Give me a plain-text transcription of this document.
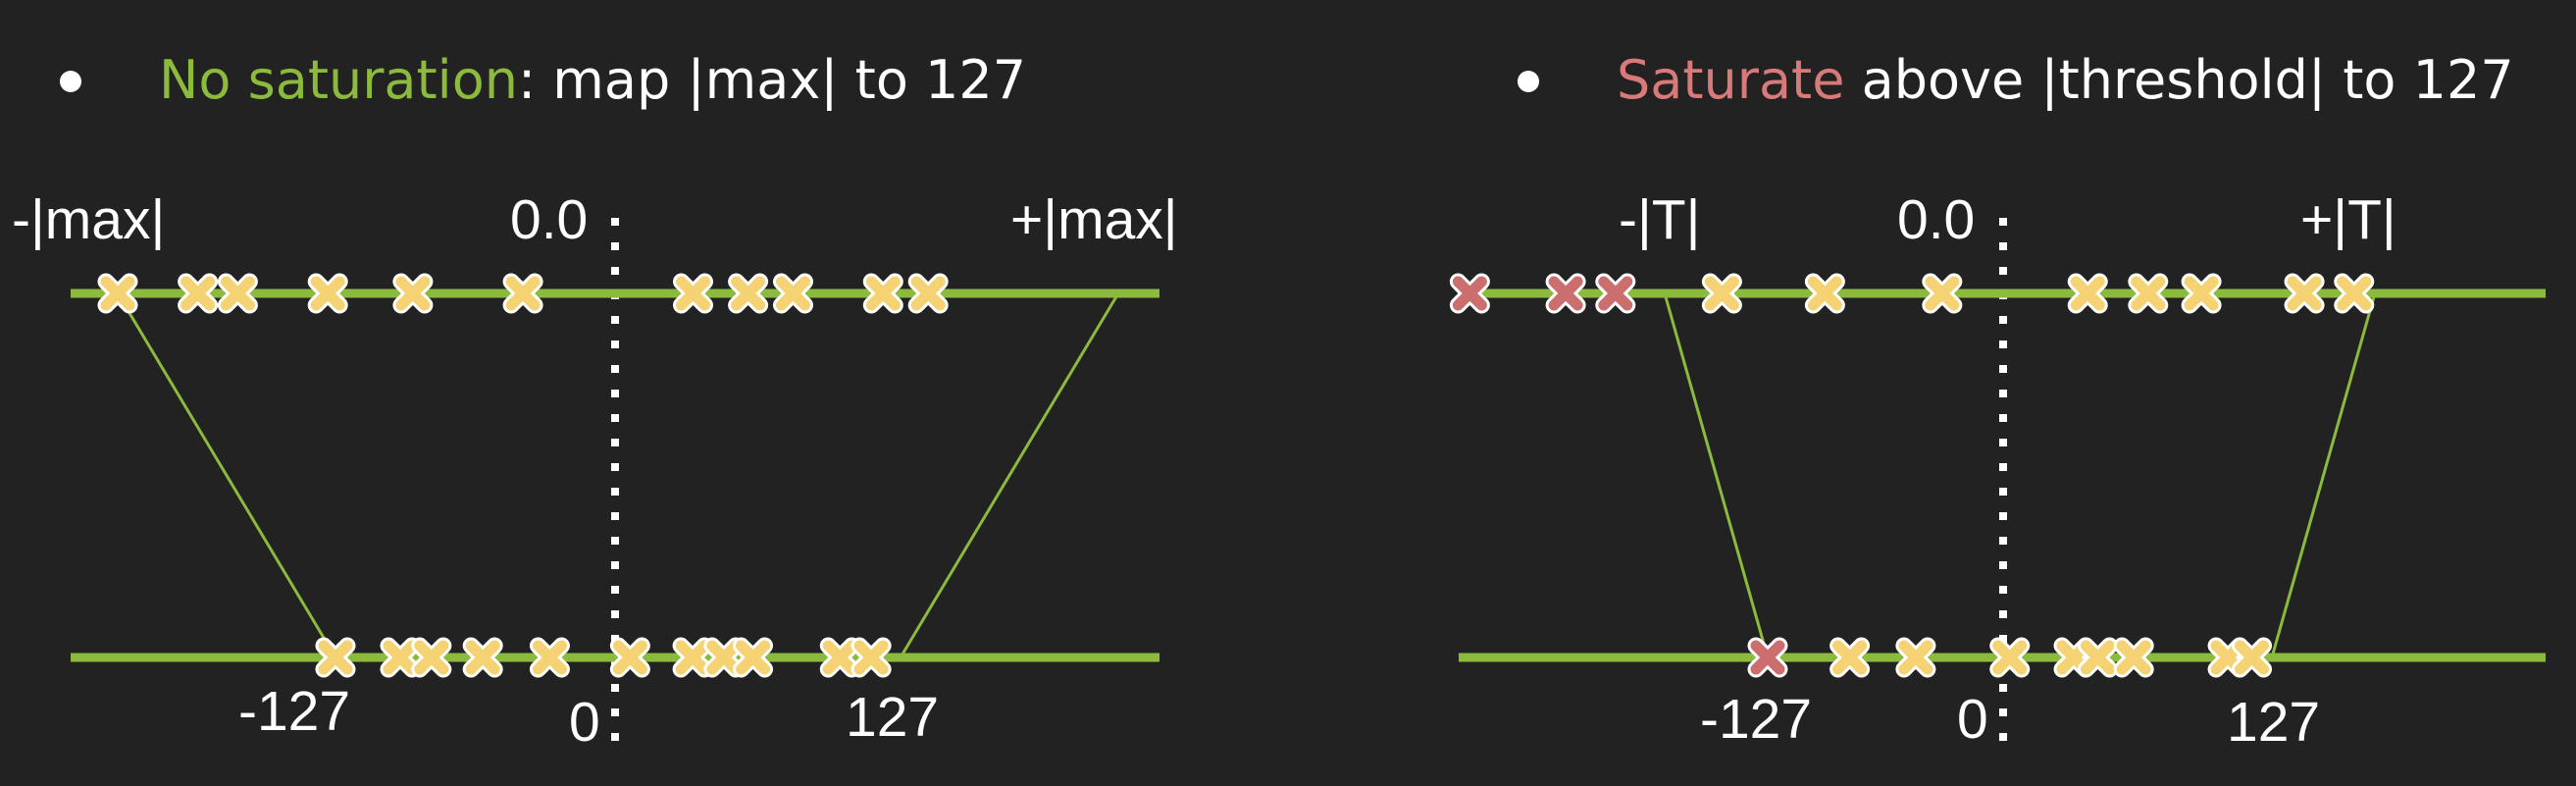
No saturation: map |max| to 127
-|max|	0.0	+|max|
-127	0	127
Saturate above |threshold| to 127
-|T|	0.0	+|T|
-127	0	127
